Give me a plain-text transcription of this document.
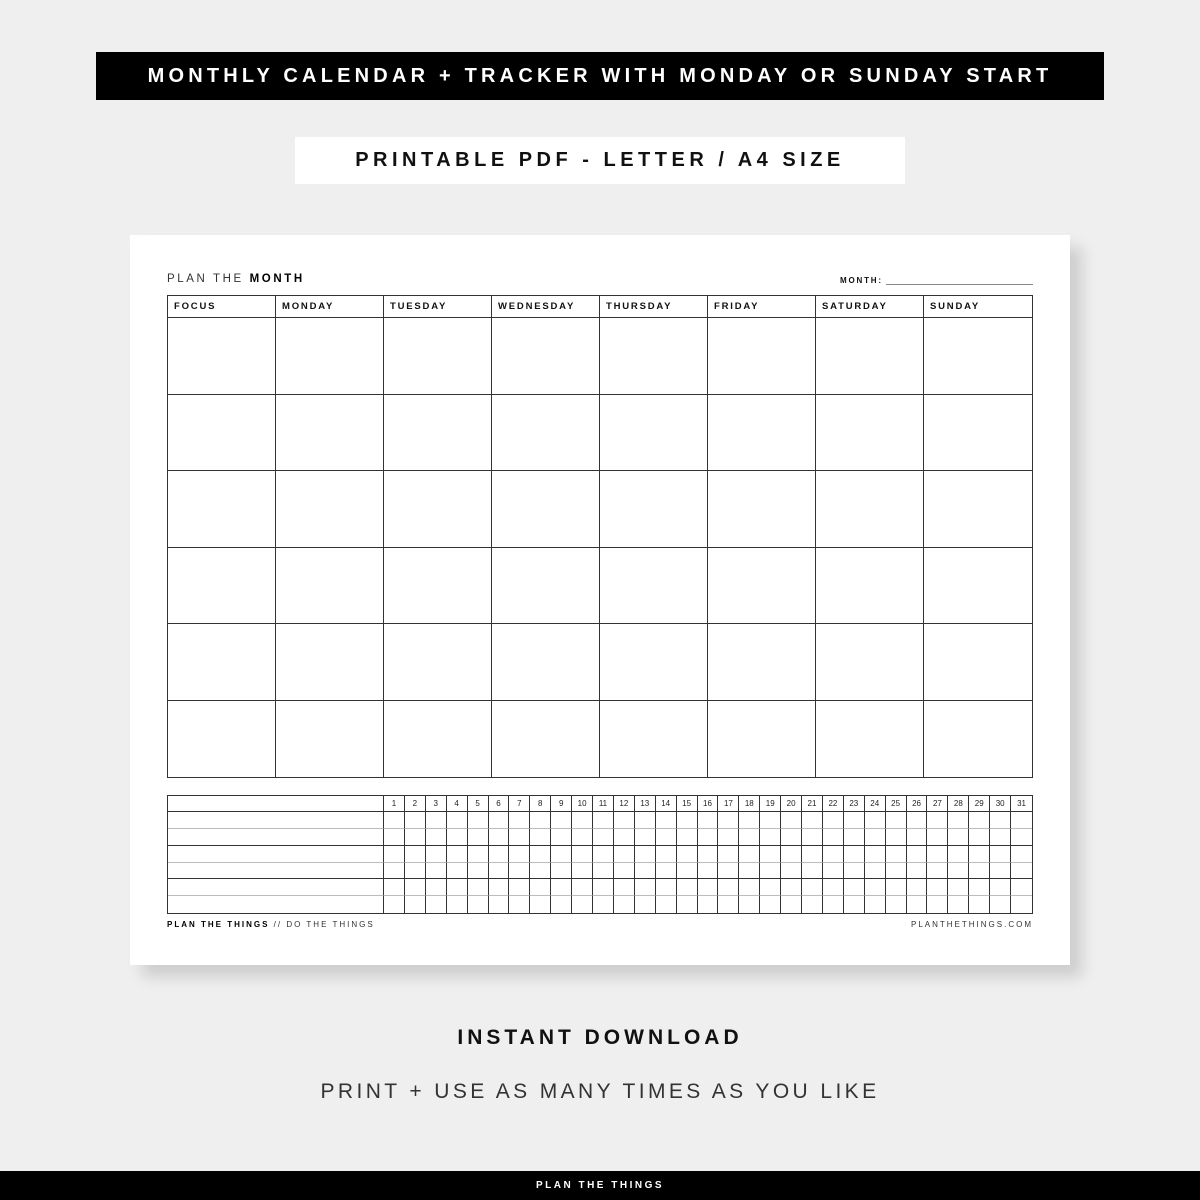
MONTHLY CALENDAR + TRACKER WITH MONDAY OR SUNDAY START
PRINTABLE PDF - LETTER / A4 SIZE
PLAN THE MONTH	MONTH:
FOCUS	MONDAY	TUESDAY	WEDNESDAY	THURSDAY	FRIDAY	SATURDAY	SUNDAY
1	2	3	4	5	6	7	8	9	10	11	12	13	14	15	16	17	18	19	20	21	22	23	24	25	26	27	28	29	30	31
PLAN THE THINGS // DO THE THINGS	PLANTHETHINGS.COM
INSTANT DOWNLOAD
PRINT + USE AS MANY TIMES AS YOU LIKE
PLAN THE THINGS
